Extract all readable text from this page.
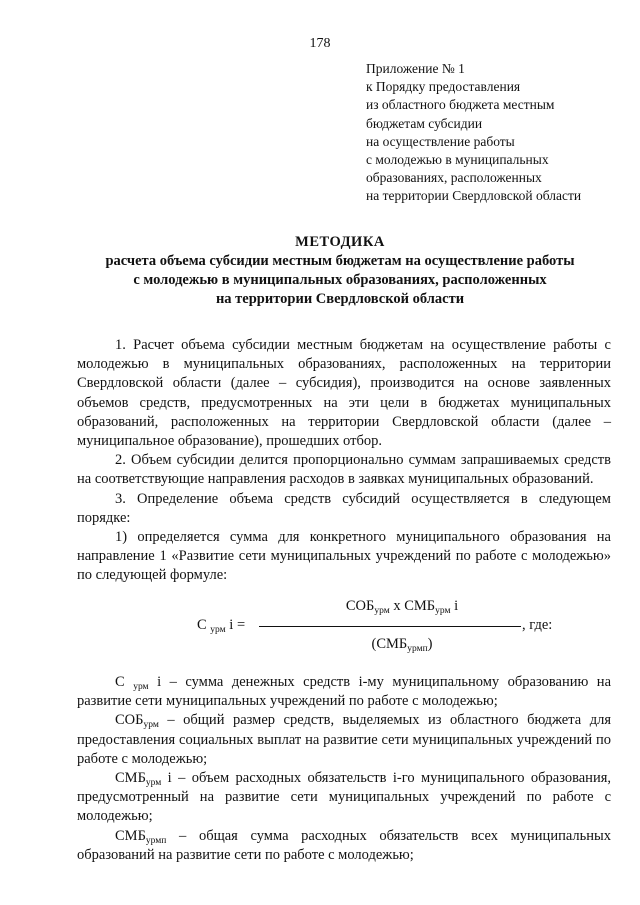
178
Приложение № 1
к Порядку предоставления
из областного бюджета местным
бюджетам субсидии
на осуществление работы
с молодежью в муниципальных
образованиях, расположенных
на территории Свердловской области
МЕТОДИКА
расчета объема субсидии местным бюджетам на осуществление работы
с молодежью в муниципальных образованиях, расположенных
на территории Свердловской области

1. Расчет объема субсидии местным бюджетам на осуществление работы с молодежью в муниципальных образованиях, расположенных на территории Свердловской области (далее – субсидия), производится на основе заявленных объемов средств, предусмотренных на эти цели в бюджетах муниципальных образований, расположенных на территории Свердловской области (далее – муниципальное образование), прошедших отбор.

2. Объем субсидии делится пропорционально суммам запрашиваемых средств на соответствующие направления расходов в заявках муниципальных образований.

3. Определение объема средств субсидий осуществляется в следующем порядке:

1) определяется сумма для конкретного муниципального образования на направление 1 «Развитие сети муниципальных учреждений по работе с молодежью» по следующей формуле:

$СОБ_{урм}$ х $СМБ_{урм}$ i
С $_{урм}$ i =	, где:
$(СМБ_{урмп})$

С $_{урм}$ i – сумма денежных средств i-му муниципальному образованию на развитие сети муниципальных учреждений по работе с молодежью;

$СОБ_{урм}$ – общий размер средств, выделяемых из областного бюджета для предоставления социальных выплат на развитие сети муниципальных учреждений по работе с молодежью;

$СМБ_{урм}$ i – объем расходных обязательств i-го муниципального образования, предусмотренный на развитие сети муниципальных учреждений по работе с молодежью;

$СМБ_{урмп}$ – общая сумма расходных обязательств всех муниципальных образований на развитие сети по работе с молодежью;
